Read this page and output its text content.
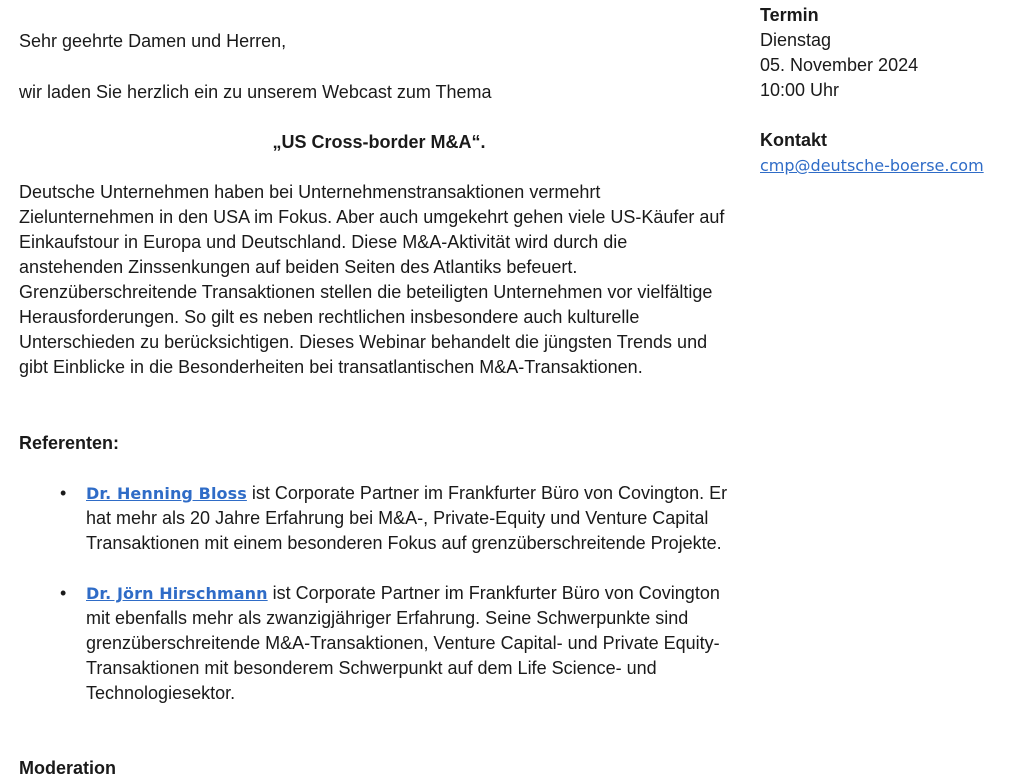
Sehr geehrte Damen und Herren,
wir laden Sie herzlich ein zu unserem Webcast zum Thema
„US Cross-border M&A“.
Deutsche Unternehmen haben bei Unternehmenstransaktionen vermehrt Zielunternehmen in den USA im Fokus. Aber auch umgekehrt gehen viele US-Käufer auf Einkaufstour in Europa und Deutschland. Diese M&A-Aktivität wird durch die anstehenden Zinssenkungen auf beiden Seiten des Atlantiks befeuert. Grenzüberschreitende Transaktionen stellen die beteiligten Unternehmen vor vielfältige Herausforderungen. So gilt es neben rechtlichen insbesondere auch kulturelle Unterschieden zu berücksichtigen. Dieses Webinar behandelt die jüngsten Trends und gibt Einblicke in die Besonderheiten bei transatlantischen M&A-Transaktionen.
Referenten:
• Dr. Henning Bloss ist Corporate Partner im Frankfurter Büro von Covington. Er hat mehr als 20 Jahre Erfahrung bei M&A-, Private-Equity und Venture Capital Transaktionen mit einem besonderen Fokus auf grenzüberschreitende Projekte.
• Dr. Jörn Hirschmann ist Corporate Partner im Frankfurter Büro von Covington mit ebenfalls mehr als zwanzigjähriger Erfahrung. Seine Schwerpunkte sind grenzüberschreitende M&A-Transaktionen, Venture Capital- und Private Equity-Transaktionen mit besonderem Schwerpunkt auf dem Life Science- und Technologiesektor.
Moderation
Termin
Dienstag
05. November 2024
10:00 Uhr
Kontakt
cmp@deutsche-boerse.com
